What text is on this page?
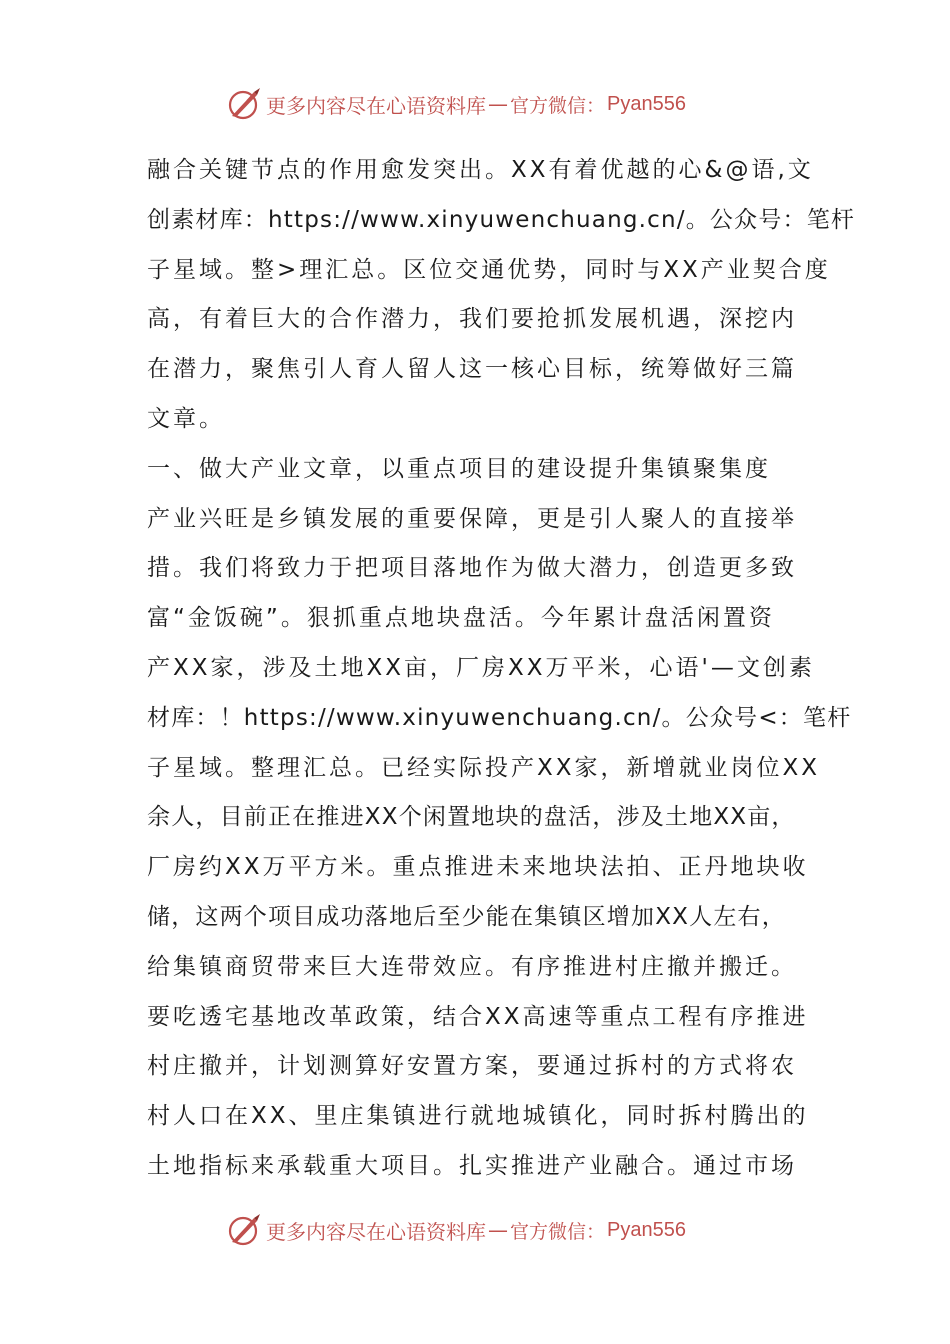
更多内容尽在心语资料库 — 官方微信： Pyan556
融合关键节点的作用愈发突出。XX有着优越的心&@语,文
创素材库：https://www.xinyuwenchuang.cn/。公众号：笔杆
子星域。整>理汇总。区位交通优势，同时与XX产业契合度
高，有着巨大的合作潜力，我们要抢抓发展机遇，深挖内
在潜力，聚焦引人育人留人这一核心目标，统筹做好三篇
文章。
一、做大产业文章，以重点项目的建设提升集镇聚集度
产业兴旺是乡镇发展的重要保障，更是引人聚人的直接举
措。我们将致力于把项目落地作为做大潜力，创造更多致
富“金饭碗”。狠抓重点地块盘活。今年累计盘活闲置资
产XX家，涉及土地XX亩，厂房XX万平米，心语'—文创素
材库：！https://www.xinyuwenchuang.cn/。公众号<：笔杆
子星域。整理汇总。已经实际投产XX家，新增就业岗位XX
余人，目前正在推进XX个闲置地块的盘活，涉及土地XX亩，
厂房约XX万平方米。重点推进未来地块法拍、正丹地块收
储，这两个项目成功落地后至少能在集镇区增加XX人左右，
给集镇商贸带来巨大连带效应。有序推进村庄撤并搬迁。
要吃透宅基地改革政策，结合XX高速等重点工程有序推进
村庄撤并，计划测算好安置方案，要通过拆村的方式将农
村人口在XX、里庄集镇进行就地城镇化，同时拆村腾出的
土地指标来承载重大项目。扎实推进产业融合。通过市场
更多内容尽在心语资料库 — 官方微信： Pyan556
